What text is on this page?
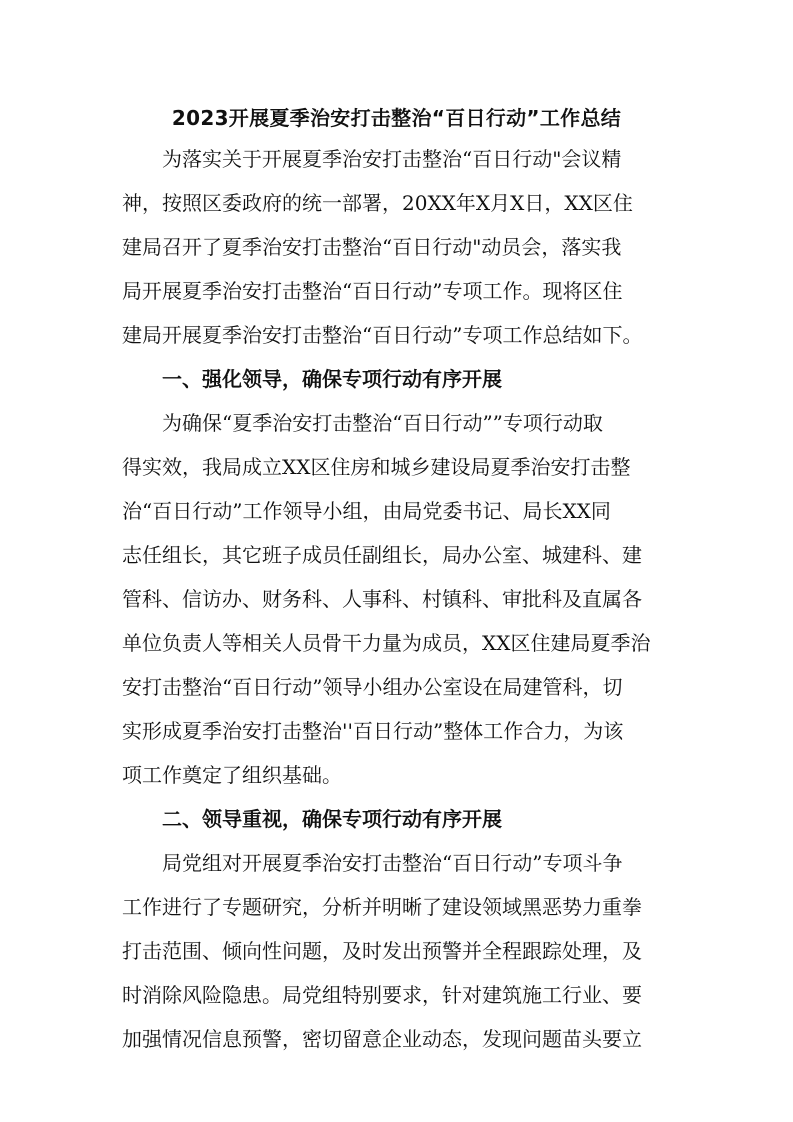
2023开展夏季治安打击整治“百日行动”工作总结
为落实关于开展夏季治安打击整治“百日行动"会议精
神，按照区委政府的统一部署，20XX年X月X日，XX区住
建局召开了夏季治安打击整治“百日行动"动员会，落实我
局开展夏季治安打击整治“百日行动”专项工作。现将区住
建局开展夏季治安打击整治“百日行动”专项工作总结如下。
一、强化领导，确保专项行动有序开展
为确保“夏季治安打击整治“百日行动””专项行动取
得实效，我局成立XX区住房和城乡建设局夏季治安打击整
治“百日行动”工作领导小组，由局党委书记、局长XX同
志任组长，其它班子成员任副组长，局办公室、城建科、建
管科、信访办、财务科、人事科、村镇科、审批科及直属各
单位负责人等相关人员骨干力量为成员，XX区住建局夏季治
安打击整治“百日行动”领导小组办公室设在局建管科，切
实形成夏季治安打击整治''百日行动”整体工作合力，为该
项工作奠定了组织基础。
二、领导重视，确保专项行动有序开展
局党组对开展夏季治安打击整治“百日行动”专项斗争
工作进行了专题研究，分析并明晰了建设领域黑恶势力重拳
打击范围、倾向性问题，及时发出预警并全程跟踪处理，及
时消除风险隐患。局党组特别要求，针对建筑施工行业、要
加强情况信息预警，密切留意企业动态，发现问题苗头要立
